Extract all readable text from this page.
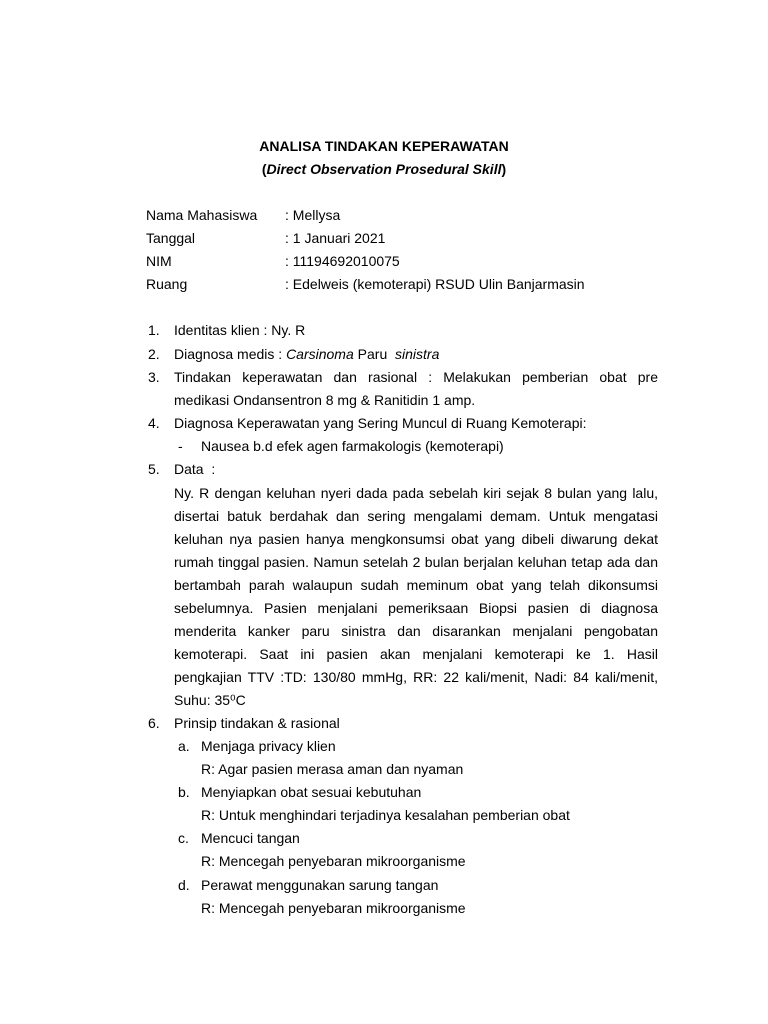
ANALISA TINDAKAN KEPERAWATAN
(Direct Observation Prosedural Skill)
Nama Mahasiswa : Mellysa
Tanggal	: 1 Januari 2021
NIM	: 11194692010075
Ruang	: Edelweis (kemoterapi) RSUD Ulin Banjarmasin
1. Identitas klien : Ny. R
2. Diagnosa medis : Carsinoma Paru  sinistra
3. Tindakan keperawatan dan rasional : Melakukan pemberian obat pre
medikasi Ondansentron 8 mg & Ranitidin 1 amp.
4. Diagnosa Keperawatan yang Sering Muncul di Ruang Kemoterapi:
- Nausea b.d efek agen farmakologis (kemoterapi)
5. Data  :
Ny. R dengan keluhan nyeri dada pada sebelah kiri sejak 8 bulan yang lalu,
disertai batuk berdahak dan sering mengalami demam. Untuk mengatasi
keluhan nya pasien hanya mengkonsumsi obat yang dibeli diwarung dekat
rumah tinggal pasien. Namun setelah 2 bulan berjalan keluhan tetap ada dan
bertambah parah walaupun sudah meminum obat yang telah dikonsumsi
sebelumnya. Pasien menjalani pemeriksaan Biopsi pasien di diagnosa
menderita kanker paru sinistra dan disarankan menjalani pengobatan
kemoterapi. Saat ini pasien akan menjalani kemoterapi ke 1. Hasil
pengkajian TTV :TD: 130/80 mmHg, RR: 22 kali/menit, Nadi: 84 kali/menit,
Suhu: 35⁰C
6. Prinsip tindakan & rasional
a. Menjaga privacy klien
R: Agar pasien merasa aman dan nyaman
b. Menyiapkan obat sesuai kebutuhan
R: Untuk menghindari terjadinya kesalahan pemberian obat
c. Mencuci tangan
R: Mencegah penyebaran mikroorganisme
d. Perawat menggunakan sarung tangan
R: Mencegah penyebaran mikroorganisme
